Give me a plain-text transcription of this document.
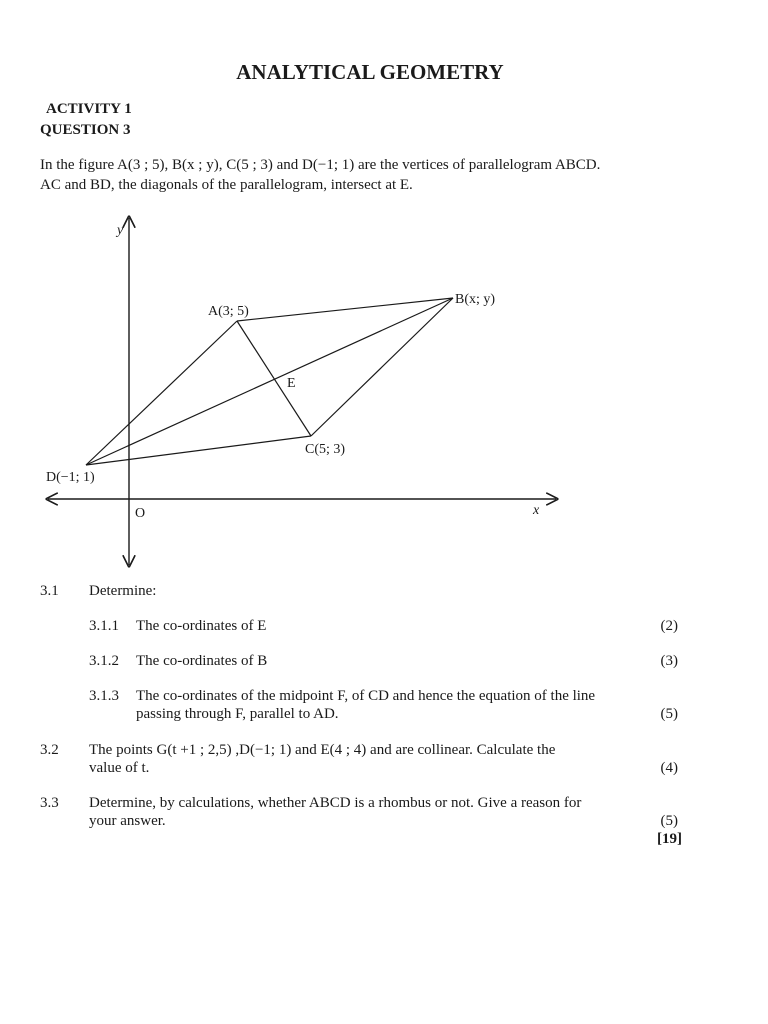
ANALYTICAL GEOMETRY
ACTIVITY 1
QUESTION 3
In the figure A(3 ; 5), B(x ; y), C(5 ; 3) and D(−1; 1) are the vertices of parallelogram ABCD.
AC and BD, the diagonals of the parallelogram, intersect at E.
y
x
O
A(3; 5)
B(x; y)
C(5; 3)
D(−1; 1)
E
3.1 Determine:
3.1.1 The co-ordinates of E	(2)
3.1.2 The co-ordinates of B	(3)
3.1.3 The co-ordinates of the midpoint F, of CD and hence the equation of the line
passing through F, parallel to AD.	(5)
3.2 The points G(t +1 ; 2,5) ,D(−1; 1) and E(4 ; 4) and are collinear. Calculate the
value of t.	(4)
3.3 Determine, by calculations, whether ABCD is a rhombus or not. Give a reason for
your answer.	(5)
[19]
